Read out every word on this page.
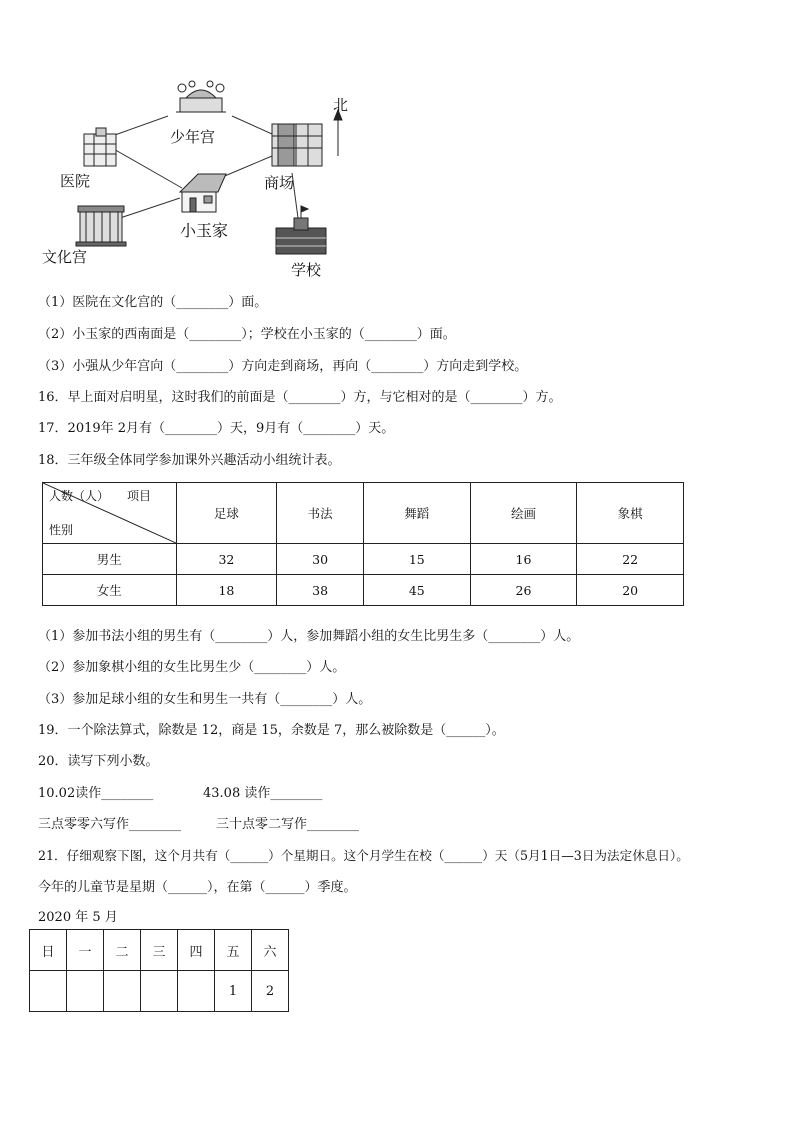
北
少年宫
医院	商场
小玉家
文化宫
学校
（1）医院在文化宫的（________）面。
（2）小玉家的西南面是（________）；学校在小玉家的（________）面。
（3）小强从少年宫向（________）方向走到商场，再向（________）方向走到学校。
16．早上面对启明星，这时我们的前面是（________）方，与它相对的是（________）方。
17．2019年 2月有（________）天，9月有（________）天。
18．三年级全体同学参加课外兴趣活动小组统计表。
人数（人）　　项目
性别	足球	书法	舞蹈	绘画	象棋
男生	32	30	15	16	22
女生	18	38	45	26	20
（1）参加书法小组的男生有（________）人，参加舞蹈小组的女生比男生多（________）人。
（2）参加象棋小组的女生比男生少（________）人。
（3）参加足球小组的女生和男生一共有（________）人。
19．一个除法算式，除数是 12，商是 15，余数是 7，那么被除数是（______）。
20．读写下列小数。
10.02读作________	43.08 读作________
三点零零六写作________	三十点零二写作________
21．仔细观察下图，这个月共有（______）个星期日。这个月学生在校（______）天（5月1日—3日为法定休息日）。
今年的儿童节是星期（______），在第（______）季度。
2020 年 5 月
日	一	二	三	四	五	六
					1	2
